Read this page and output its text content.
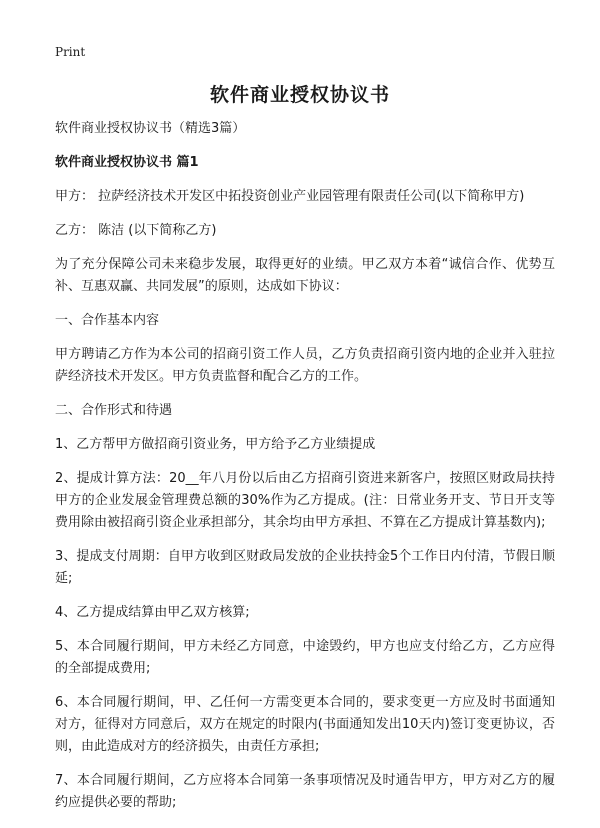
Print
软件商业授权协议书

软件商业授权协议书（精选3篇）

软件商业授权协议书 篇1

甲方： 拉萨经济技术开发区中拓投资创业产业园管理有限责任公司(以下简称甲方)

乙方： 陈洁 (以下简称乙方)

为了充分保障公司未来稳步发展，取得更好的业绩。甲乙双方本着“诚信合作、优势互补、互惠双赢、共同发展”的原则，达成如下协议：

一、合作基本内容

甲方聘请乙方作为本公司的招商引资工作人员，乙方负责招商引资内地的企业并入驻拉萨经济技术开发区。甲方负责监督和配合乙方的工作。

二、合作形式和待遇

1、乙方帮甲方做招商引资业务，甲方给予乙方业绩提成

2、提成计算方法：20__年八月份以后由乙方招商引资进来新客户，按照区财政局扶持甲方的企业发展金管理费总额的30%作为乙方提成。(注：日常业务开支、节日开支等费用除由被招商引资企业承担部分，其余均由甲方承担、不算在乙方提成计算基数内);

3、提成支付周期：自甲方收到区财政局发放的企业扶持金5个工作日内付清，节假日顺延;

4、乙方提成结算由甲乙双方核算;

5、本合同履行期间，甲方未经乙方同意，中途毁约，甲方也应支付给乙方，乙方应得的全部提成费用;

6、本合同履行期间，甲、乙任何一方需变更本合同的，要求变更一方应及时书面通知对方，征得对方同意后，双方在规定的时限内(书面通知发出10天内)签订变更协议，否则，由此造成对方的经济损失，由责任方承担;

7、本合同履行期间，乙方应将本合同第一条事项情况及时通告甲方，甲方对乙方的履约应提供必要的帮助;
